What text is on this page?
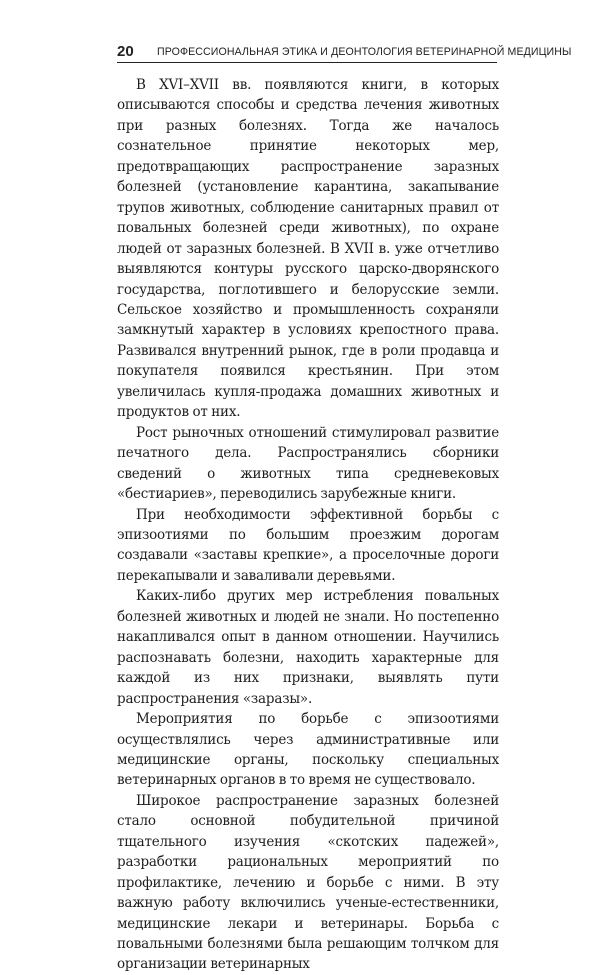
20 ПРОФЕССИОНАЛЬНАЯ ЭТИКА И ДЕОНТОЛОГИЯ ВЕТЕРИНАРНОЙ МЕДИЦИНЫ

В XVI–XVII вв. появляются книги, в которых описываются способы и средства лечения животных при разных болезнях. Тогда же началось сознательное принятие некоторых мер, предотвращающих распространение заразных болезней (установление карантина, закапывание трупов животных, соблюдение санитарных правил от повальных болезней среди животных), по охране людей от заразных болезней. В XVII в. уже отчетливо выявляются контуры русского царско-дворянского государства, поглотившего и белорусские земли. Сельское хозяйство и промышленность сохраняли замкнутый характер в условиях крепостного права. Развивался внутренний рынок, где в роли продавца и покупателя появился крестьянин. При этом увеличилась купля-продажа домашних животных и продуктов от них.

Рост рыночных отношений стимулировал развитие печатного дела. Распространялись сборники сведений о животных типа средневековых «бестиариев», переводились зарубежные книги.

При необходимости эффективной борьбы с эпизоотиями по большим проезжим дорогам создавали «заставы крепкие», а проселочные дороги перекапывали и заваливали деревьями.

Каких-либо других мер истребления повальных болезней животных и людей не знали. Но постепенно накапливался опыт в данном отношении. Научились распознавать болезни, находить характерные для каждой из них признаки, выявлять пути распространения «заразы».

Мероприятия по борьбе с эпизоотиями осуществлялись через административные или медицинские органы, поскольку специальных ветеринарных органов в то время не существовало.

Широкое распространение заразных болезней стало основной побудительной причиной тщательного изучения «скотских падежей», разработки рациональных мероприятий по профилактике, лечению и борьбе с ними. В эту важную работу включились ученые-естественники, медицинские лекари и ветеринары. Борьба с повальными болезнями была решающим толчком для организации ветеринарных
